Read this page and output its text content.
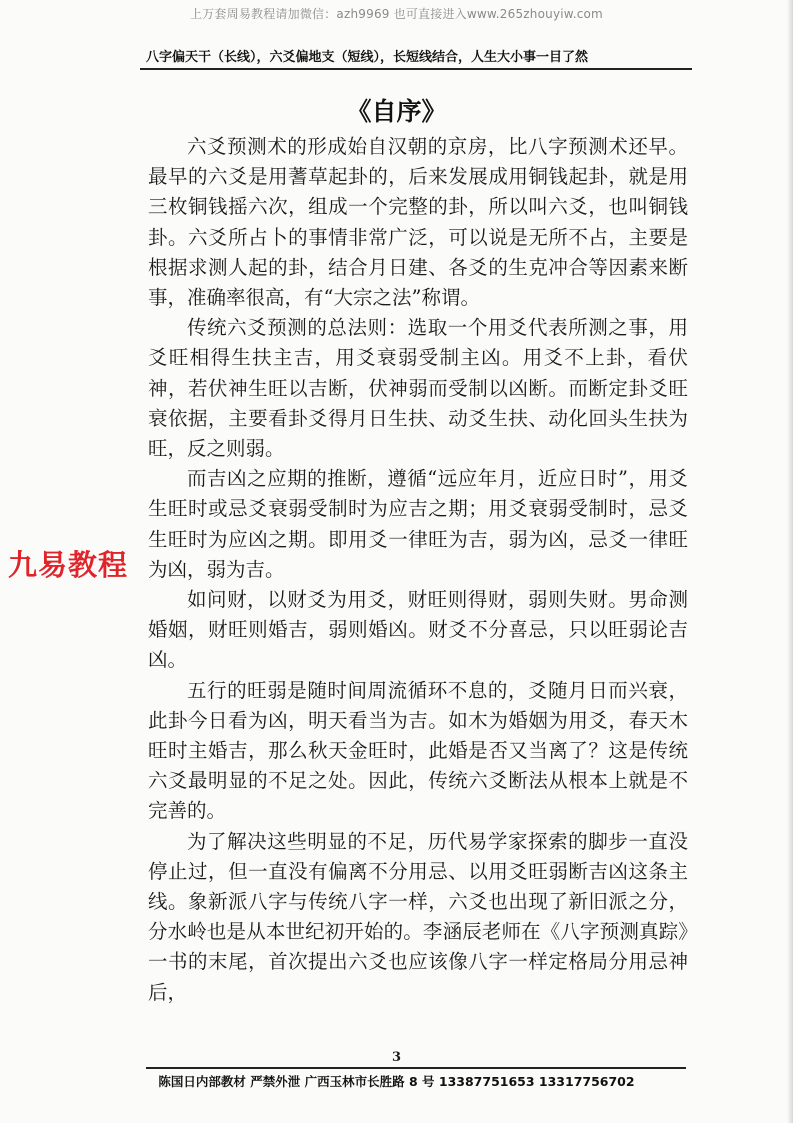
上万套周易教程请加微信：azh9969 也可直接进入www.265zhouyiw.com
八字偏天干（长线），六爻偏地支（短线），长短线结合，人生大小事一目了然
《自序》

六爻预测术的形成始自汉朝的京房，比八字预测术还早。最早的六爻是用蓍草起卦的，后来发展成用铜钱起卦，就是用三枚铜钱摇六次，组成一个完整的卦，所以叫六爻，也叫铜钱卦。六爻所占卜的事情非常广泛，可以说是无所不占，主要是根据求测人起的卦，结合月日建、各爻的生克冲合等因素来断事，准确率很高，有“大宗之法”称谓。

传统六爻预测的总法则：选取一个用爻代表所测之事，用爻旺相得生扶主吉，用爻衰弱受制主凶。用爻不上卦，看伏神，若伏神生旺以吉断，伏神弱而受制以凶断。而断定卦爻旺衰依据，主要看卦爻得月日生扶、动爻生扶、动化回头生扶为旺，反之则弱。

而吉凶之应期的推断，遵循“远应年月，近应日时”，用爻生旺时或忌爻衰弱受制时为应吉之期；用爻衰弱受制时，忌爻生旺时为应凶之期。即用爻一律旺为吉，弱为凶，忌爻一律旺为凶，弱为吉。

如问财，以财爻为用爻，财旺则得财，弱则失财。男命测婚姻，财旺则婚吉，弱则婚凶。财爻不分喜忌，只以旺弱论吉凶。

五行的旺弱是随时间周流循环不息的，爻随月日而兴衰，此卦今日看为凶，明天看当为吉。如木为婚姻为用爻，春天木旺时主婚吉，那么秋天金旺时，此婚是否又当离了？这是传统六爻最明显的不足之处。因此，传统六爻断法从根本上就是不完善的。

为了解决这些明显的不足，历代易学家探索的脚步一直没停止过，但一直没有偏离不分用忌、以用爻旺弱断吉凶这条主线。象新派八字与传统八字一样，六爻也出现了新旧派之分，分水岭也是从本世纪初开始的。李涵辰老师在《八字预测真踪》一书的末尾，首次提出六爻也应该像八字一样定格局分用忌神后，

九易教程
3
陈国日内部教材 严禁外泄 广西玉林市长胜路 8 号 13387751653 13317756702
